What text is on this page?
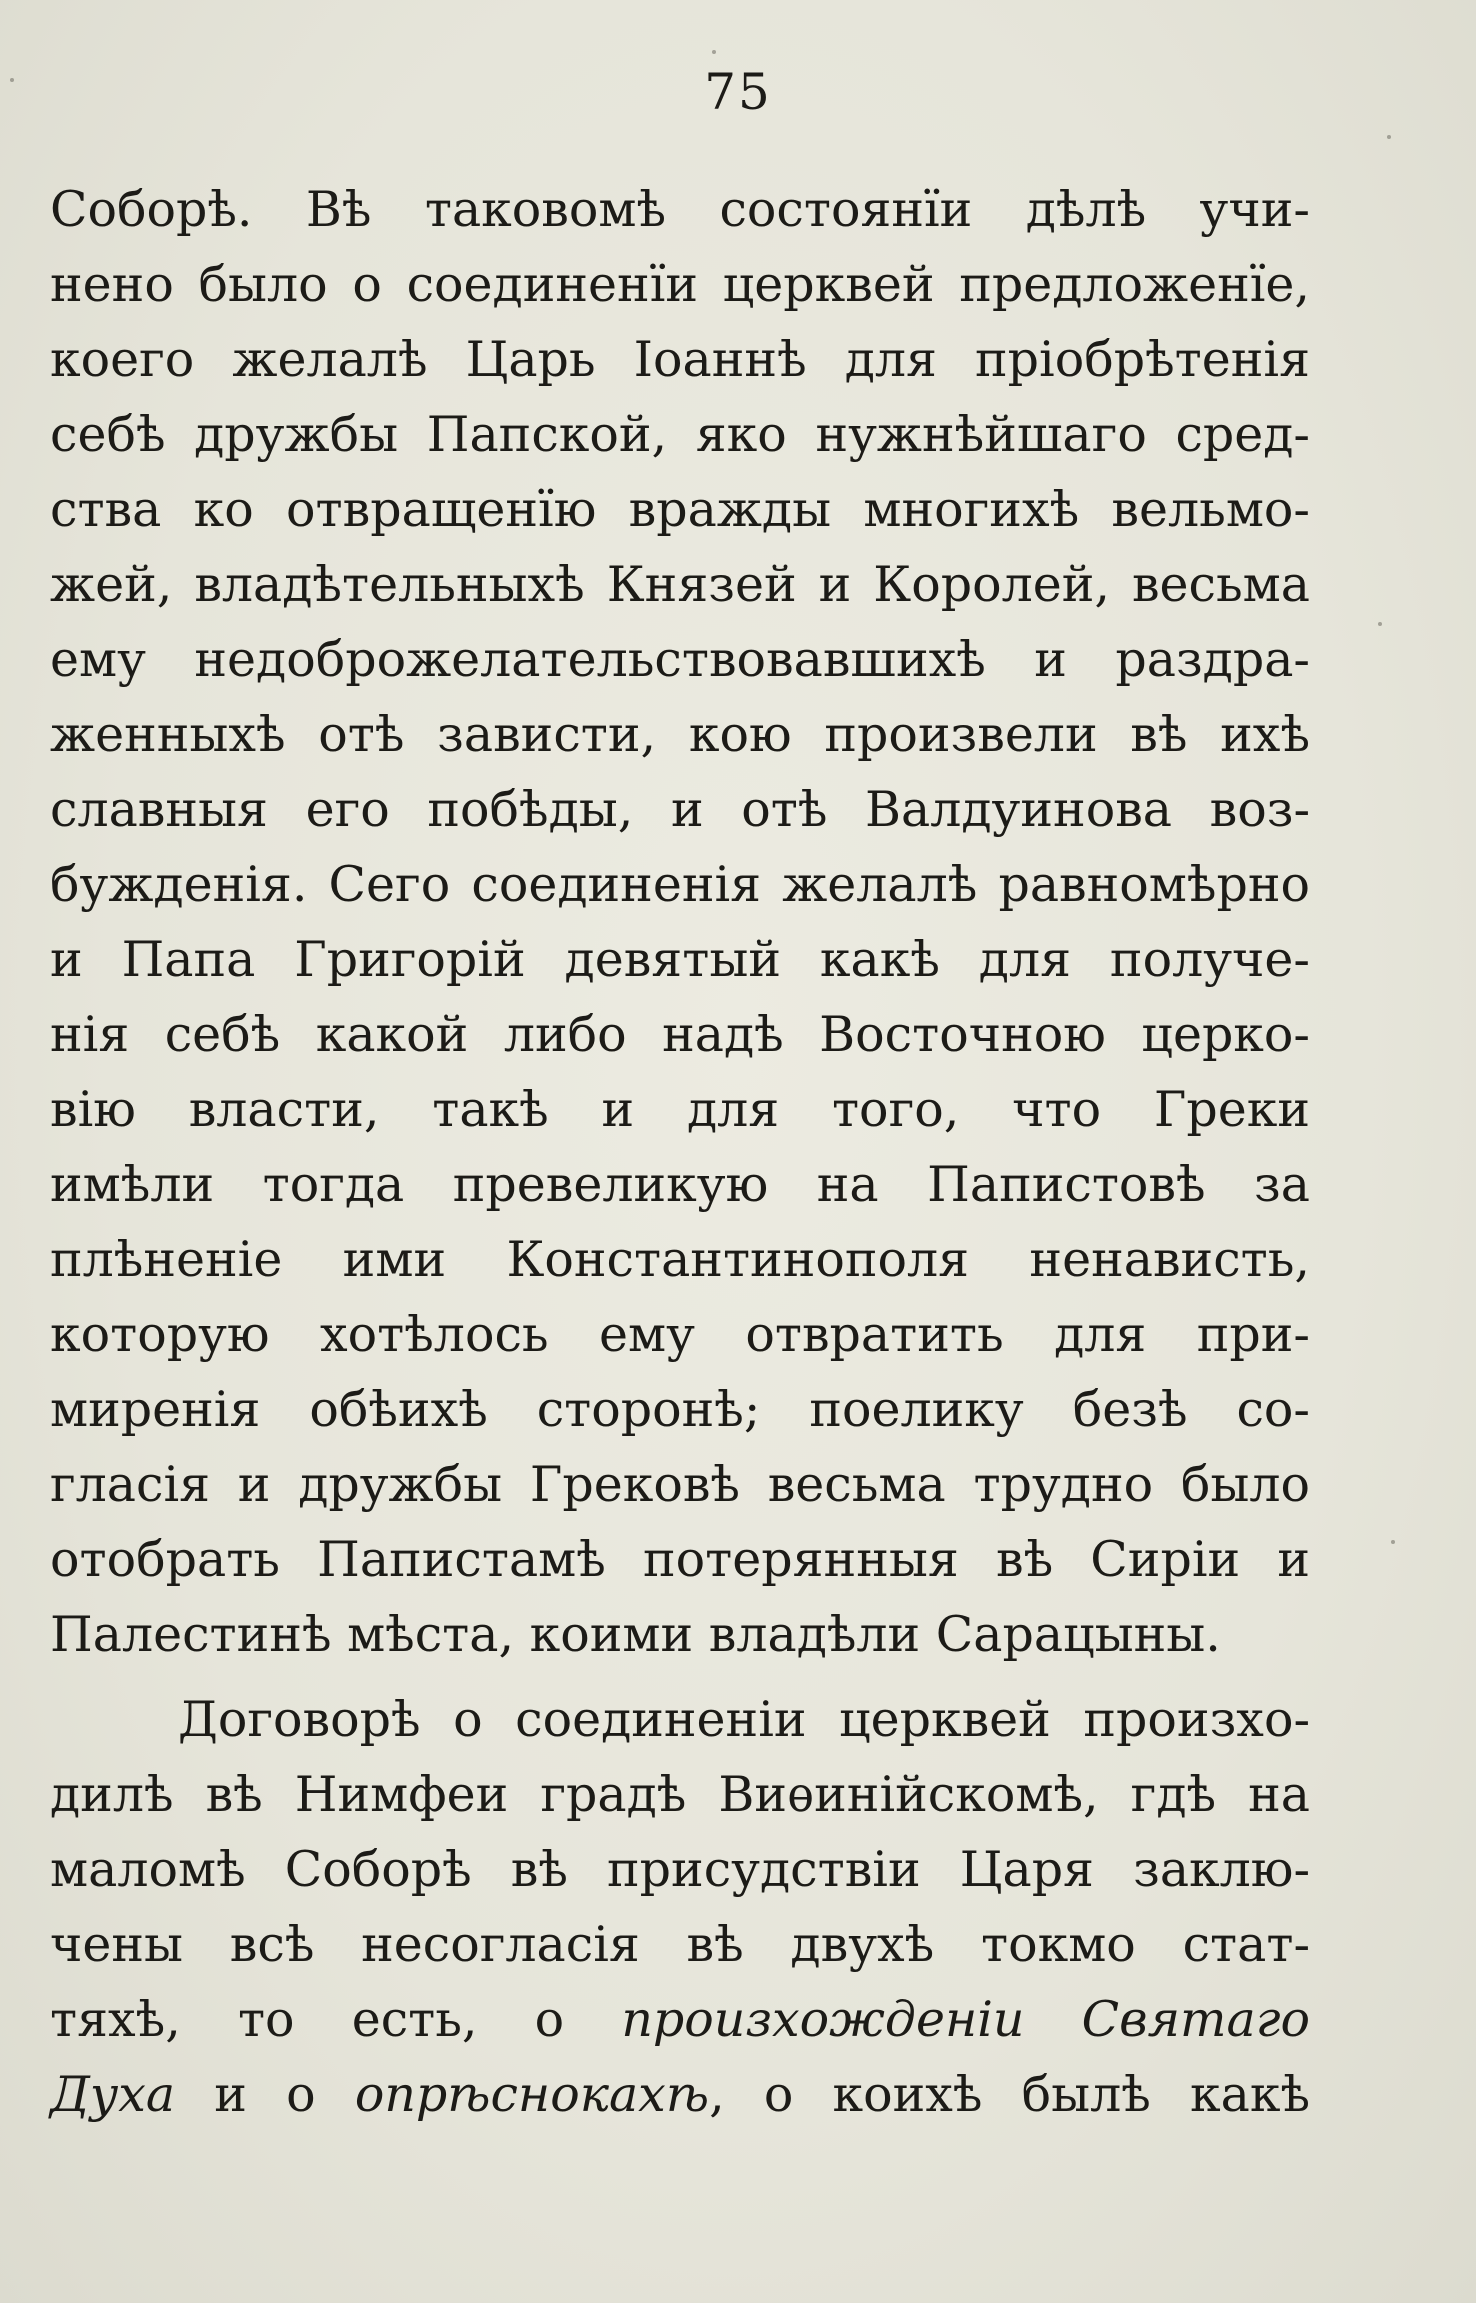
75
Соборѣ. Вѣ таковомѣ состоянїи дѣлѣ учи-
нено было о соединенїи церквей предложенїе,
коего желалѣ Царь Іоаннѣ для прiобрѣтенiя
себѣ дружбы Папской, яко нужнѣйшаго сред-
ства ко отвращенїю вражды многихѣ вельмо-
жей, владѣтельныхѣ Князей и Королей, весьма
ему недоброжелательствовавшихѣ и раздра-
женныхѣ отѣ зависти, кою произвели вѣ ихѣ
славныя его побѣды, и отѣ Валдуинова воз-
бужденiя. Сего соединенiя желалѣ равномѣрно
и Папа Григорiй девятый какѣ для получе-
нiя себѣ какой либо надѣ Восточною церко-
вiю власти, такѣ и для того, что Греки
имѣли тогда превеликую на Папистовѣ за
плѣненiе ими Константинополя ненависть,
которую хотѣлось ему отвратить для при-
миренiя обѣихѣ сторонѣ; поелику безѣ со-
гласiя и дружбы Грековѣ весьма трудно было
отобрать Папистамѣ потерянныя вѣ Сирiи и
Палестинѣ мѣста, коими владѣли Сарацыны.
Договорѣ о соединенiи церквей произхо-
дилѣ вѣ Нимфеи градѣ Виѳинiйскомѣ, гдѣ на
маломѣ Соборѣ вѣ присудствiи Царя заклю-
чены всѣ несогласiя вѣ двухѣ токмо стат-
тяхѣ, то есть, о произхожденiи Святаго
Духа и о опрѣснокахѣ, о коихѣ былѣ какѣ
